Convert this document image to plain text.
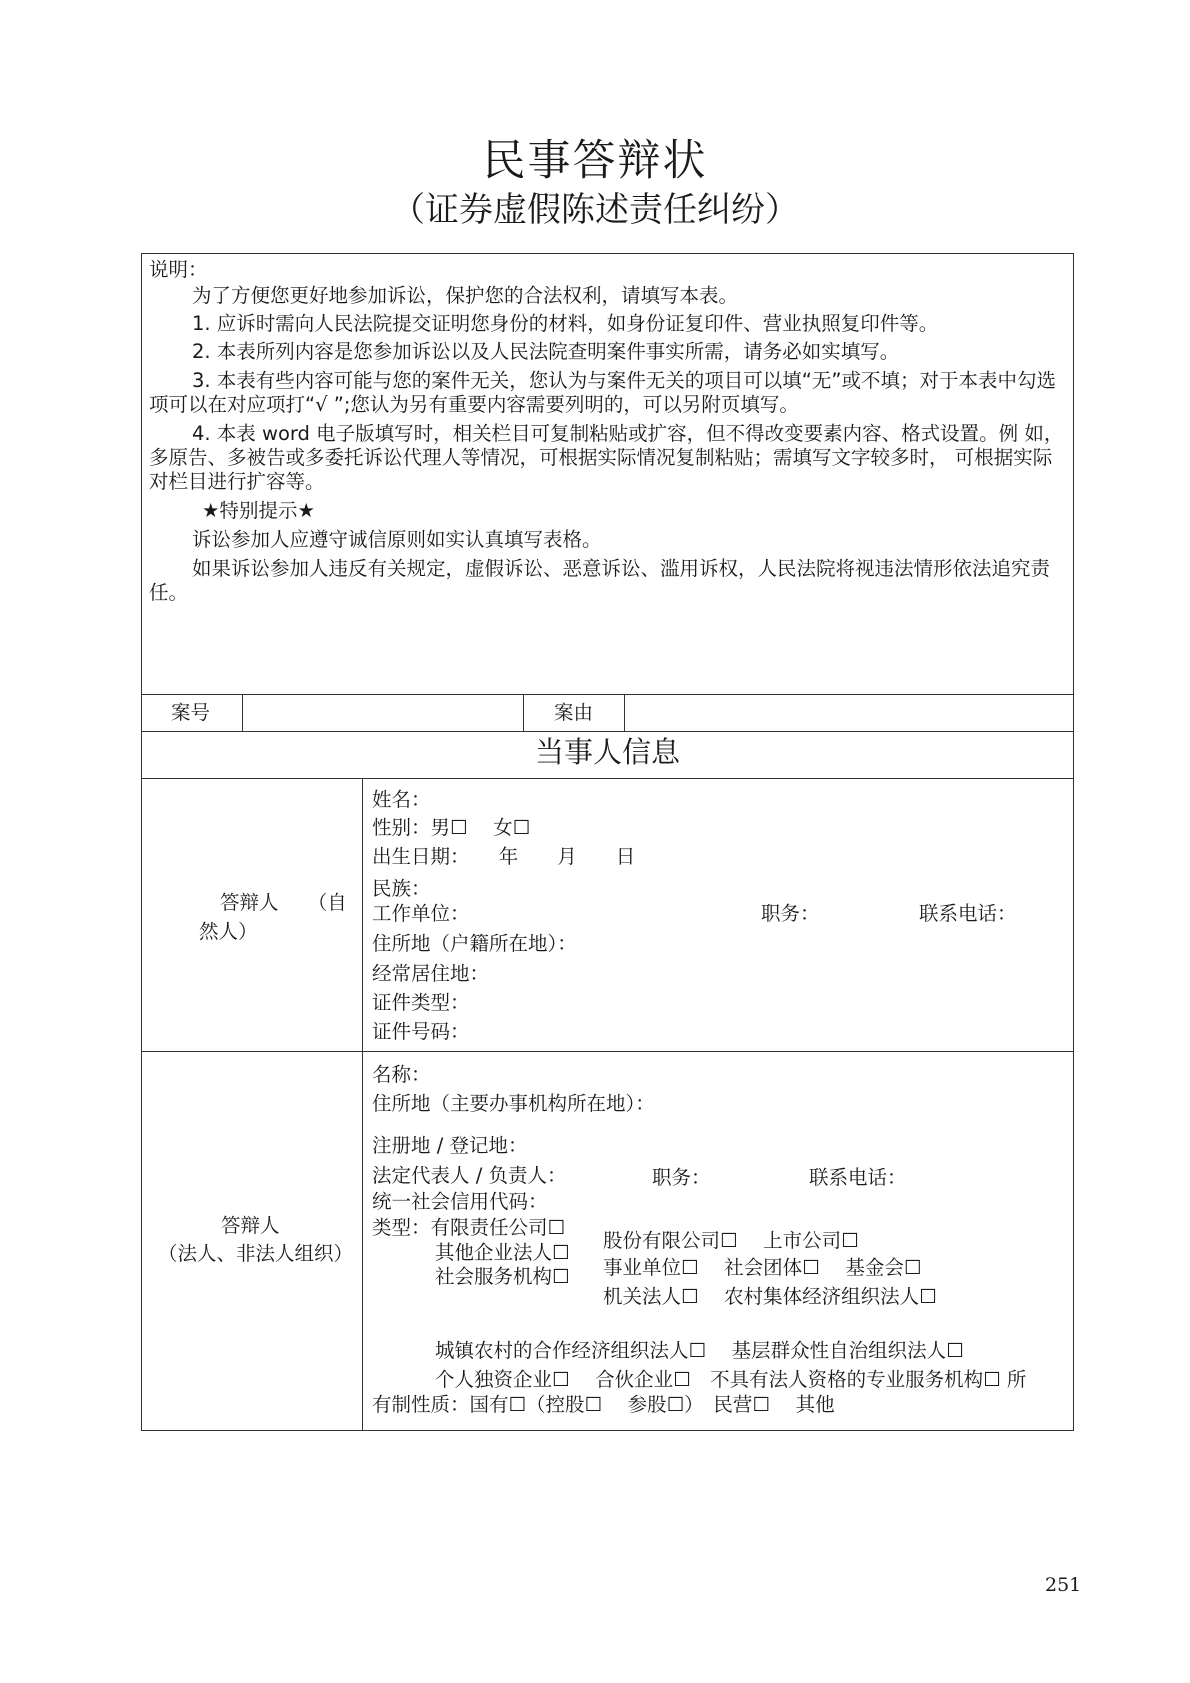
民事答辩状
（证券虚假陈述责任纠纷）
说明：
为了方便您更好地参加诉讼，保护您的合法权利，请填写本表。
1. 应诉时需向人民法院提交证明您身份的材料，如身份证复印件、营业执照复印件等。
2. 本表所列内容是您参加诉讼以及人民法院查明案件事实所需，请务必如实填写。
3. 本表有些内容可能与您的案件无关，您认为与案件无关的项目可以填“无”或不填；对于本表中勾选项可以在对应项打“√ ”;您认为另有重要内容需要列明的，可以另附页填写。
4. 本表 word 电子版填写时，相关栏目可复制粘贴或扩容，但不得改变要素内容、格式设置。例 如，多原告、多被告或多委托诉讼代理人等情况，可根据实际情况复制粘贴；需填写文字较多时， 可根据实际对栏目进行扩容等。
★特别提示★
诉讼参加人应遵守诚信原则如实认真填写表格。
如果诉讼参加人违反有关规定，虚假诉讼、恶意诉讼、滥用诉权，人民法院将视违法情形依法追究责任。
案号	案由
当事人信息
答辩人　　（自
然人）
姓名：
性别：男☐　 女☐
出生日期：　　年　　月　　日
民族：
工作单位：	职务：	联系电话：
住所地（户籍所在地）：
经常居住地：
证件类型：
证件号码：
答辩人
（法人、非法人组织）
名称：
住所地（主要办事机构所在地）：
注册地 / 登记地：
法定代表人 / 负责人：	职务：	联系电话：
统一社会信用代码：
类型：有限责任公司☐
股份有限公司☐　 上市公司☐
其他企业法人☐
社会服务机构☐ 事业单位☐　 社会团体☐　 基金会☐
机关法人☐　 农村集体经济组织法人☐
城镇农村的合作经济组织法人☐　 基层群众性自治组织法人☐
个人独资企业☐　 合伙企业☐　不具有法人资格的专业服务机构☐ 所
有制性质：国有☐（控股☐　 参股☐）　民营☐　 其他
251
